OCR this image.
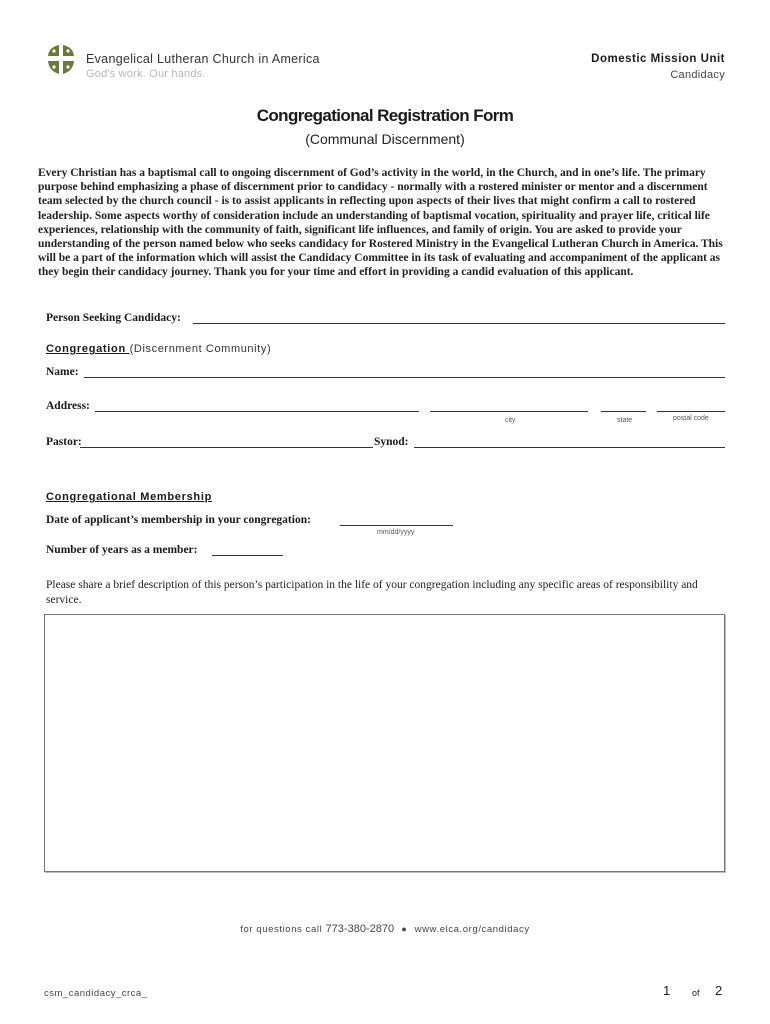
Evangelical Lutheran Church in America
God's work. Our hands.
Domestic Mission Unit
Candidacy
Congregational Registration Form
(Communal Discernment)
Every Christian has a baptismal call to ongoing discernment of God’s activity in the world, in the Church, and in one’s life. The primary purpose behind emphasizing a phase of discernment prior to candidacy - normally with a rostered minister or mentor and a discernment team selected by the church council - is to assist applicants in reflecting upon aspects of their lives that might confirm a call to rostered leadership. Some aspects worthy of consideration include an understanding of baptismal vocation, spirituality and prayer life, critical life experiences, relationship with the community of faith, significant life influences, and family of origin. You are asked to provide your understanding of the person named below who seeks candidacy for Rostered Ministry in the Evangelical Lutheran Church in America. This will be a part of the information which will assist the Candidacy Committee in its task of evaluating and accompaniment of the applicant as they begin their candidacy journey. Thank you for your time and effort in providing a candid evaluation of this applicant.
Person Seeking Candidacy:
Congregation (Discernment Community)
Name:
Address:
city	state	postal code
Pastor:	Synod:
Congregational Membership
Date of applicant’s membership in your congregation:
mm/dd/yyyy
Number of years as a member:
Please share a brief description of this person’s participation in the life of your congregation including any specific areas of responsibility and service.
for questions call 773-380-2870 ● www.elca.org/candidacy
csm_candidacy_crca_	1 of 2
